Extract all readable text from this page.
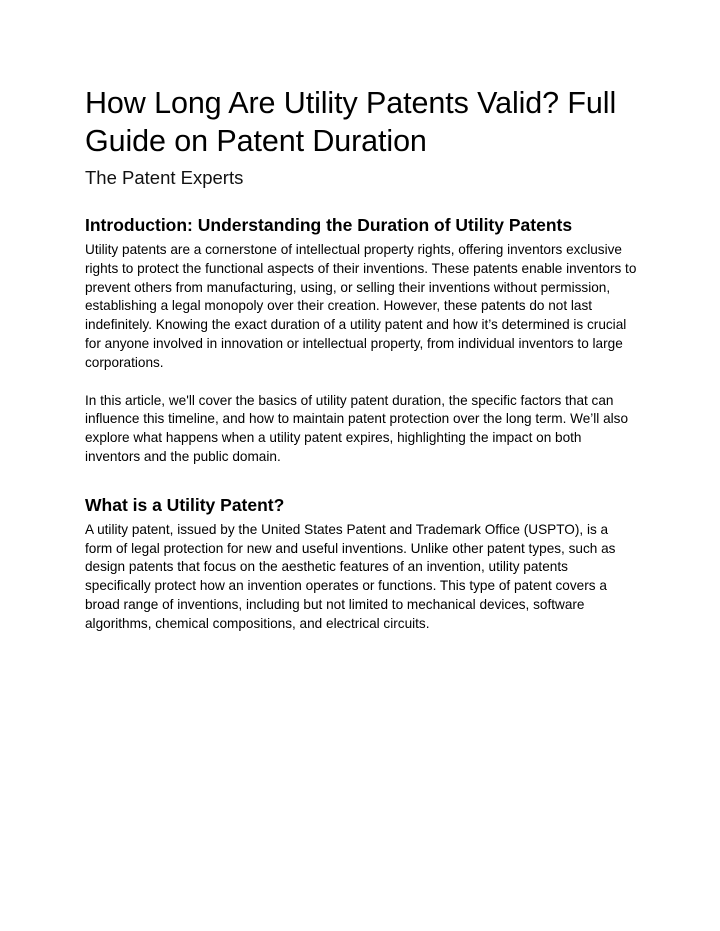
How Long Are Utility Patents Valid? Full Guide on Patent Duration
The Patent Experts
Introduction: Understanding the Duration of Utility Patents

Utility patents are a cornerstone of intellectual property rights, offering inventors exclusive rights to protect the functional aspects of their inventions. These patents enable inventors to prevent others from manufacturing, using, or selling their inventions without permission, establishing a legal monopoly over their creation. However, these patents do not last indefinitely. Knowing the exact duration of a utility patent and how it’s determined is crucial for anyone involved in innovation or intellectual property, from individual inventors to large corporations.

In this article, we'll cover the basics of utility patent duration, the specific factors that can influence this timeline, and how to maintain patent protection over the long term. We’ll also explore what happens when a utility patent expires, highlighting the impact on both inventors and the public domain.

What is a Utility Patent?

A utility patent, issued by the United States Patent and Trademark Office (USPTO), is a form of legal protection for new and useful inventions. Unlike other patent types, such as design patents that focus on the aesthetic features of an invention, utility patents specifically protect how an invention operates or functions. This type of patent covers a broad range of inventions, including but not limited to mechanical devices, software algorithms, chemical compositions, and electrical circuits.
